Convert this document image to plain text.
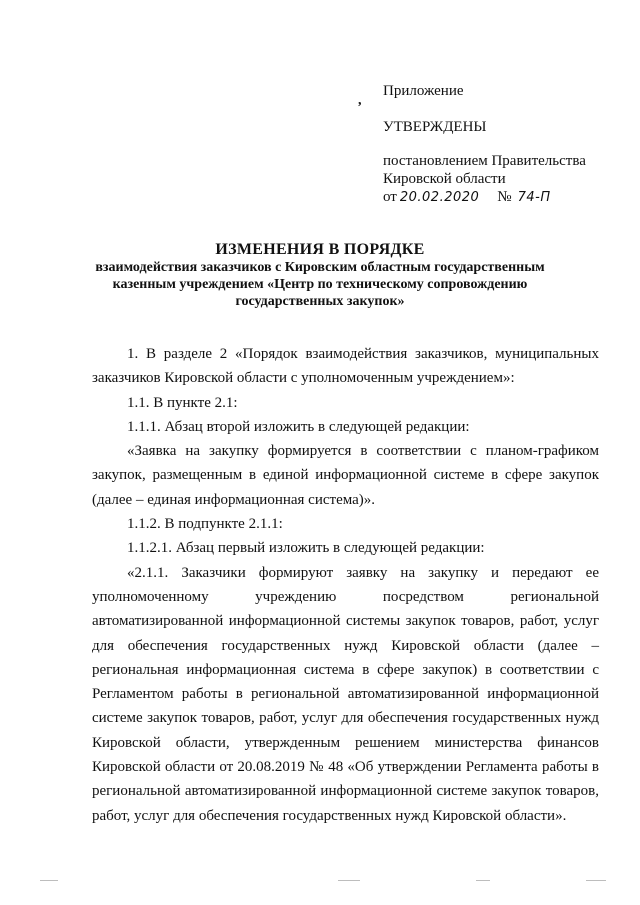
,
Приложение
УТВЕРЖДЕНЫ
постановлением Правительства
Кировской области
от 20.02.2020 № 74-П
ИЗМЕНЕНИЯ В ПОРЯДКЕ
взаимодействия заказчиков с Кировским областным государственным
казенным учреждением «Центр по техническому сопровождению
государственных закупок»

1. В разделе 2 «Порядок взаимодействия заказчиков, муниципальных заказчиков Кировской области с уполномоченным учреждением»:

1.1. В пункте 2.1:

1.1.1. Абзац второй изложить в следующей редакции:

«Заявка на закупку формируется в соответствии с планом-графиком закупок, размещенным в единой информационной системе в сфере закупок (далее – единая информационная система)».

1.1.2. В подпункте 2.1.1:

1.1.2.1. Абзац первый изложить в следующей редакции:

«2.1.1. Заказчики формируют заявку на закупку и передают ее уполномоченному учреждению посредством региональной автоматизированной информационной системы закупок товаров, работ, услуг для обеспечения государственных нужд Кировской области (далее – региональная информационная система в сфере закупок) в соответствии с Регламентом работы в региональной автоматизированной информационной системе закупок товаров, работ, услуг для обеспечения государственных нужд Кировской области, утвержденным решением министерства финансов Кировской области от 20.08.2019 № 48 «Об утверждении Регламента работы в региональной автоматизированной информационной системе закупок товаров, работ, услуг для обеспечения государственных нужд Кировской области».
